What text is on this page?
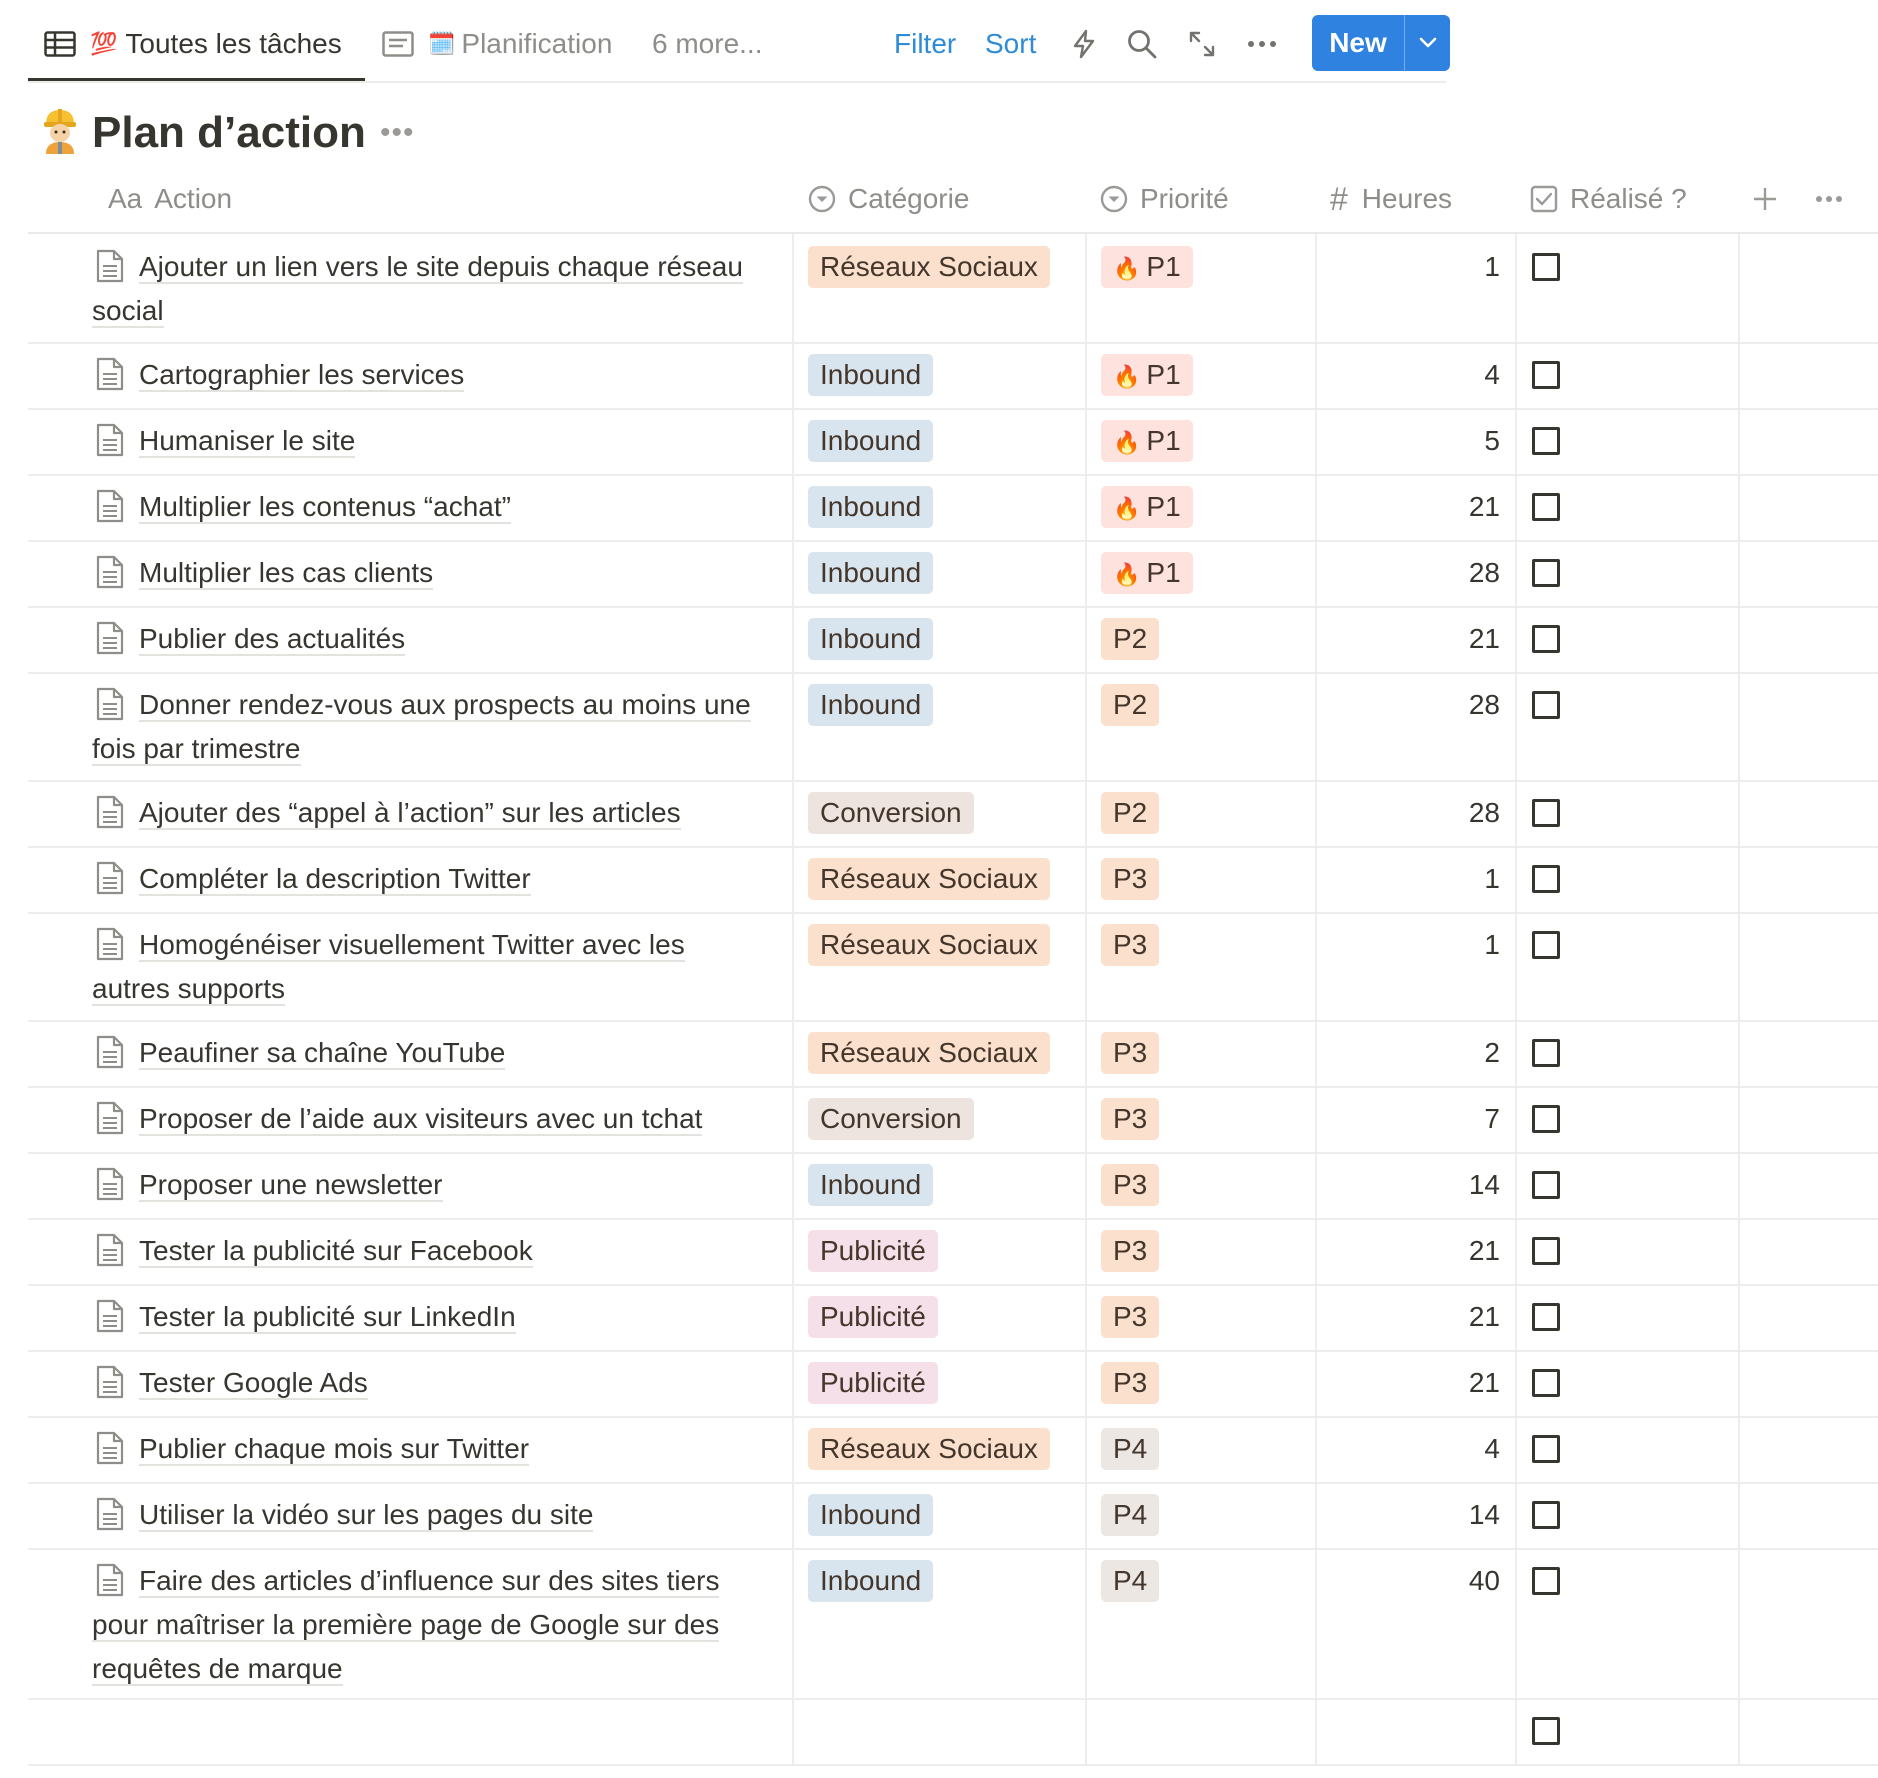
💯 Toutes les tâches	🗓️ Planification 6 more...	Filter Sort	New
Plan d’action •••
Aa Action	Catégorie	Priorité	# Heures	Réalisé ?
Ajouter un lien vers le site depuis chaque réseau
social
Réseaux Sociaux	🔥 P1	1
Cartographier les services	Inbound	🔥 P1	4
Humaniser le site	Inbound	🔥 P1	5
Multiplier les contenus “achat”	Inbound	🔥 P1	21
Multiplier les cas clients	Inbound	🔥 P1	28
Publier des actualités	Inbound	P2	21
Donner rendez-vous aux prospects au moins une
fois par trimestre
Inbound	P2	28
Ajouter des “appel à l’action” sur les articles	Conversion	P2	28
Compléter la description Twitter	Réseaux Sociaux	P3	1
Homogénéiser visuellement Twitter avec les
autres supports
Réseaux Sociaux	P3	1
Peaufiner sa chaîne YouTube	Réseaux Sociaux	P3	2
Proposer de l’aide aux visiteurs avec un tchat	Conversion	P3	7
Proposer une newsletter	Inbound	P3	14
Tester la publicité sur Facebook	Publicité	P3	21
Tester la publicité sur LinkedIn	Publicité	P3	21
Tester Google Ads	Publicité	P3	21
Publier chaque mois sur Twitter	Réseaux Sociaux	P4	4
Utiliser la vidéo sur les pages du site	Inbound	P4	14
Faire des articles d’influence sur des sites tiers
pour maîtriser la première page de Google sur des
requêtes de marque
Inbound	P4	40
